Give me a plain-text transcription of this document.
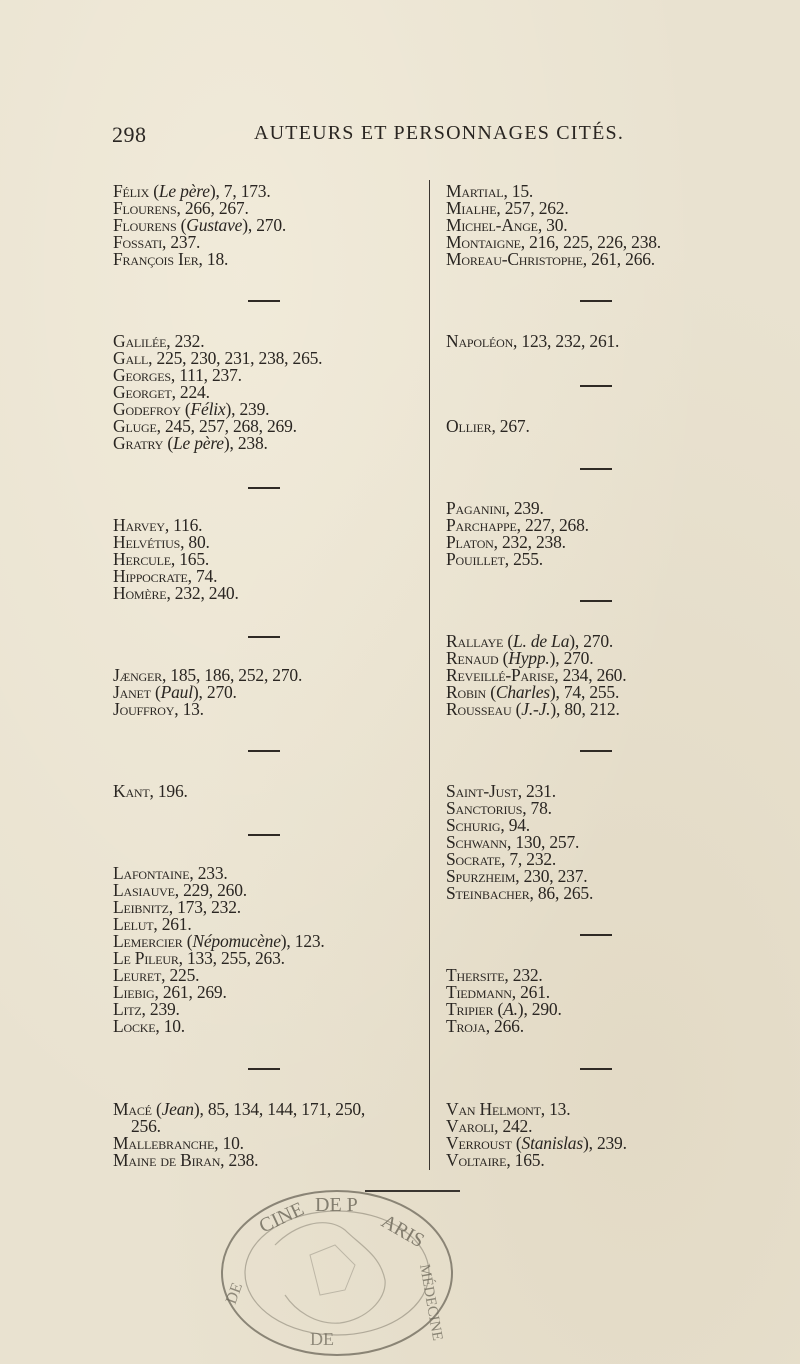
298	AUTEURS ET PERSONNAGES CITÉS.
Félix (Le père), 7, 173.
Flourens, 266, 267.
Flourens (Gustave), 270.
Fossati, 237.
François Ier, 18.
Galilée, 232.
Gall, 225, 230, 231, 238, 265.
Georges, 111, 237.
Georget, 224.
Godefroy (Félix), 239.
Gluge, 245, 257, 268, 269.
Gratry (Le père), 238.
Harvey, 116.
Helvétius, 80.
Hercule, 165.
Hippocrate, 74.
Homère, 232, 240.
Jænger, 185, 186, 252, 270.
Janet (Paul), 270.
Jouffroy, 13.
Kant, 196.
Lafontaine, 233.
Lasiauve, 229, 260.
Leibnitz, 173, 232.
Lelut, 261.
Lemercier (Népomucène), 123.
Le Pileur, 133, 255, 263.
Leuret, 225.
Liebig, 261, 269.
Litz, 239.
Locke, 10.
Macé (Jean), 85, 134, 144, 171, 250,
256.
Mallebranche, 10.
Maine de Biran, 238.
Martial, 15.
Mialhe, 257, 262.
Michel-Ange, 30.
Montaigne, 216, 225, 226, 238.
Moreau-Christophe, 261, 266.
Napoléon, 123, 232, 261.
Ollier, 267.
Paganini, 239.
Parchappe, 227, 268.
Platon, 232, 238.
Pouillet, 255.
Rallaye (L. de La), 270.
Renaud (Hypp.), 270.
Reveillé-Parise, 234, 260.
Robin (Charles), 74, 255.
Rousseau (J.-J.), 80, 212.
Saint-Just, 231.
Sanctorius, 78.
Schurig, 94.
Schwann, 130, 257.
Socrate, 7, 232.
Spurzheim, 230, 237.
Steinbacher, 86, 265.
Thersite, 232.
Tiedmann, 261.
Tripier (A.), 290.
Troja, 266.
Van Helmont, 13.
Varoli, 242.
Verroust (Stanislas), 239.
Voltaire, 165.
CINE DE P
ARIS
MÉDECINE
DE
DE
